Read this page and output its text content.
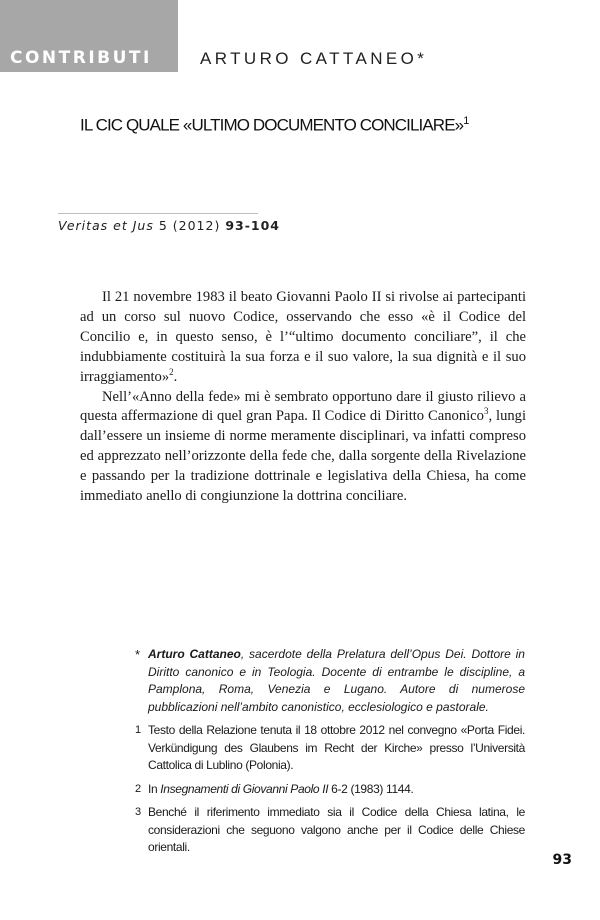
CONTRIBUTI	ARTURO CATTANEO*
IL CIC QUALE «ULTIMO DOCUMENTO CONCILIARE»$^1$
Veritas et Jus 5 (2012) 93-104

Il 21 novembre 1983 il beato Giovanni Paolo II si rivolse ai partecipanti ad un corso sul nuovo Codice, osservando che esso «è il Codice del Concilio e, in questo senso, è l’“ultimo documento conciliare”, il che indubbiamente costituirà la sua forza e il suo valore, la sua dignità e il suo irraggiamento»$^2$.

Nell’«Anno della fede» mi è sembrato opportuno dare il giusto rilievo a questa affermazione di quel gran Papa. Il Codice di Diritto Canonico$^3$, lungi dall’essere un insieme di norme meramente disciplinari, va infatti compreso ed apprezzato nell’orizzonte della fede che, dalla sorgente della Rivelazione e passando per la tradizione dottrinale e legislativa della Chiesa, ha come immediato anello di congiunzione la dottrina conciliare.

* Arturo Cattaneo, sacerdote della Prelatura dell’Opus Dei. Dottore in Diritto canonico e in Teologia. Docente di entrambe le discipline, a Pamplona, Roma, Venezia e Lugano. Autore di numerose pubblicazioni nell’ambito canonistico, ecclesiologico e pastorale.
1 Testo della Relazione tenuta il 18 ottobre 2012 nel convegno «Porta Fidei. Verkündigung des Glaubens im Recht der Kirche» presso l’Università Cattolica di Lublino (Polonia).
2 In Insegnamenti di Giovanni Paolo II 6-2 (1983) 1144.
3 Benché il riferimento immediato sia il Codice della Chiesa latina, le considerazioni che seguono valgono anche per il Codice delle Chiese orientali.
93
